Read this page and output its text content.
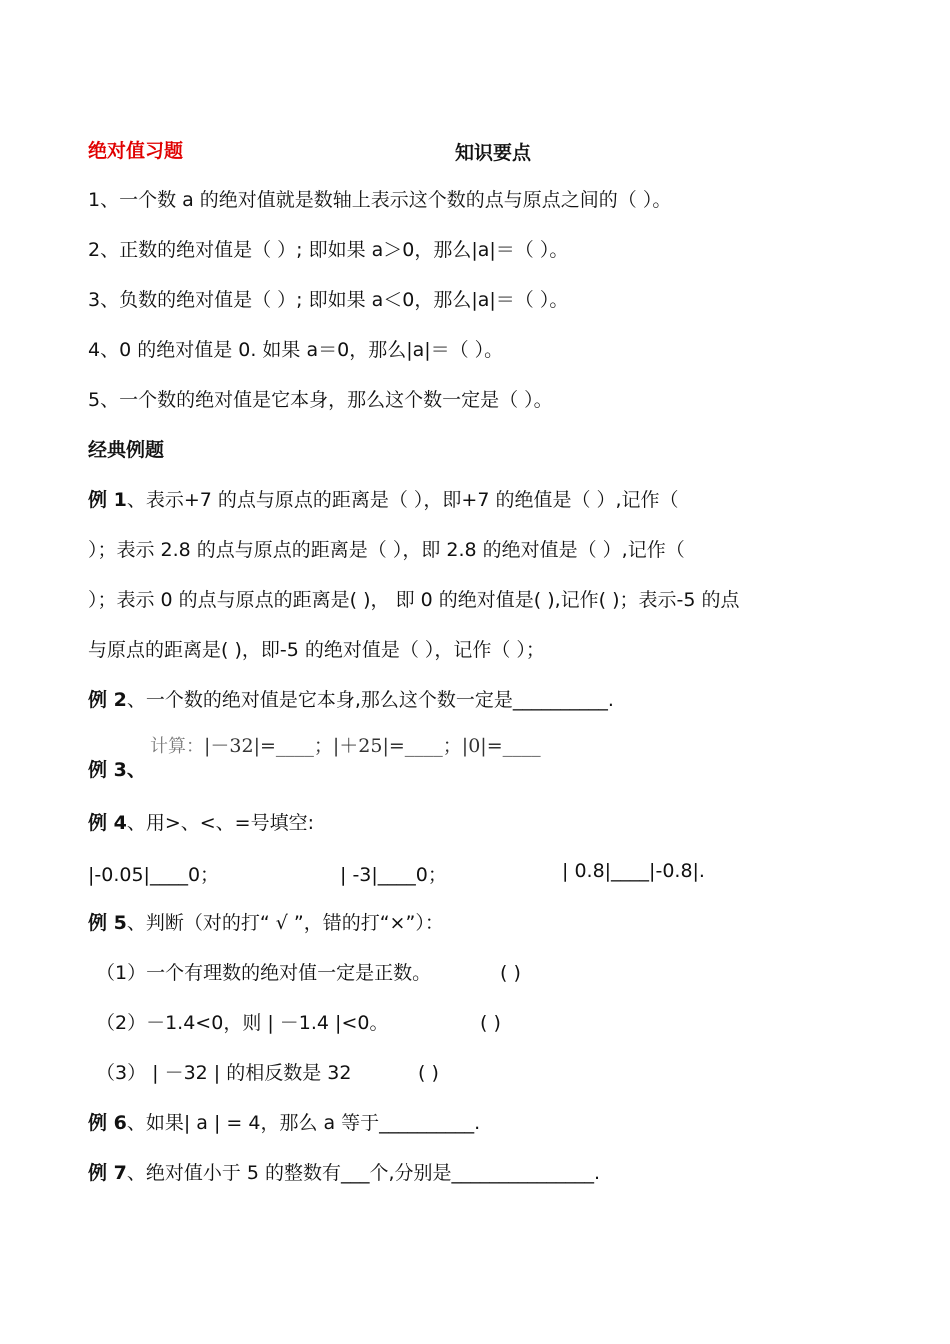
绝对值习题	知识要点
1、一个数 a 的绝对值就是数轴上表示这个数的点与原点之间的（ ）。
2、正数的绝对值是（ ）; 即如果 a＞0，那么|a|＝（ ）。
3、负数的绝对值是（ ）; 即如果 a＜0，那么|a|＝（ ）。
4、0 的绝对值是 0. 如果 a＝0，那么|a|＝（ ）。
5、一个数的绝对值是它本身，那么这个数一定是（ ）。
经典例题
例 1、表示+7 的点与原点的距离是（ ），即+7 的绝值是（ ）,记作（
）；表示 2.8 的点与原点的距离是（ ），即 2.8 的绝对值是（ ）,记作（
）；表示 0 的点与原点的距离是( )， 即 0 的绝对值是( ),记作( )；表示-5 的点
与原点的距离是( )，即-5 的绝对值是（ ），记作（ ）；
例 2、一个数的绝对值是它本身,那么这个数一定是__________.
例 3、
计算：|－32|=____；|＋25|=____；|0|=____
例 4、用>、<、=号填空:
|-0.05|____0；	| -3|____0；	| 0.8|____|-0.8|.
例 5、判断（对的打“ √ ”，错的打“×”）：
（1）一个有理数的绝对值一定是正数。	( )
（2）－1.4<0，则 | －1.4 |<0。	( )
（3） | －32 | 的相反数是 32	( )
例 6、如果| a | = 4，那么 a 等于__________.
例 7、绝对值小于 5 的整数有___个,分别是_______________.
